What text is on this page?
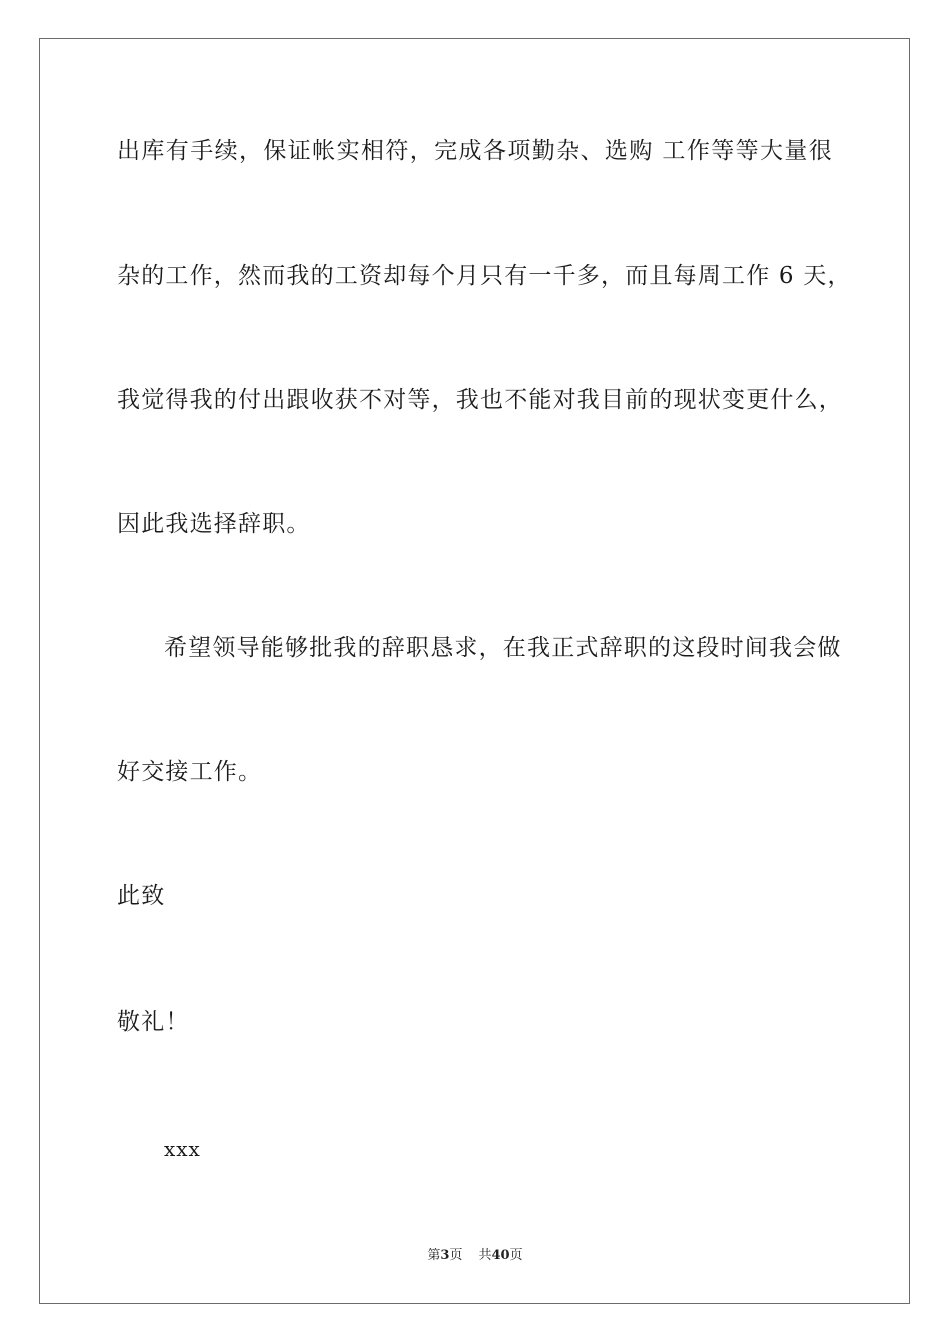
出库有手续，保证帐实相符，完成各项勤杂、选购 工作等等大量很
杂的工作，然而我的工资却每个月只有一千多，而且每周工作 6 天，
我觉得我的付出跟收获不对等，我也不能对我目前的现状变更什么，
因此我选择辞职。
希望领导能够批我的辞职恳求，在我正式辞职的这段时间我会做
好交接工作。
此致
敬礼！
xxx
第3页 共40页
